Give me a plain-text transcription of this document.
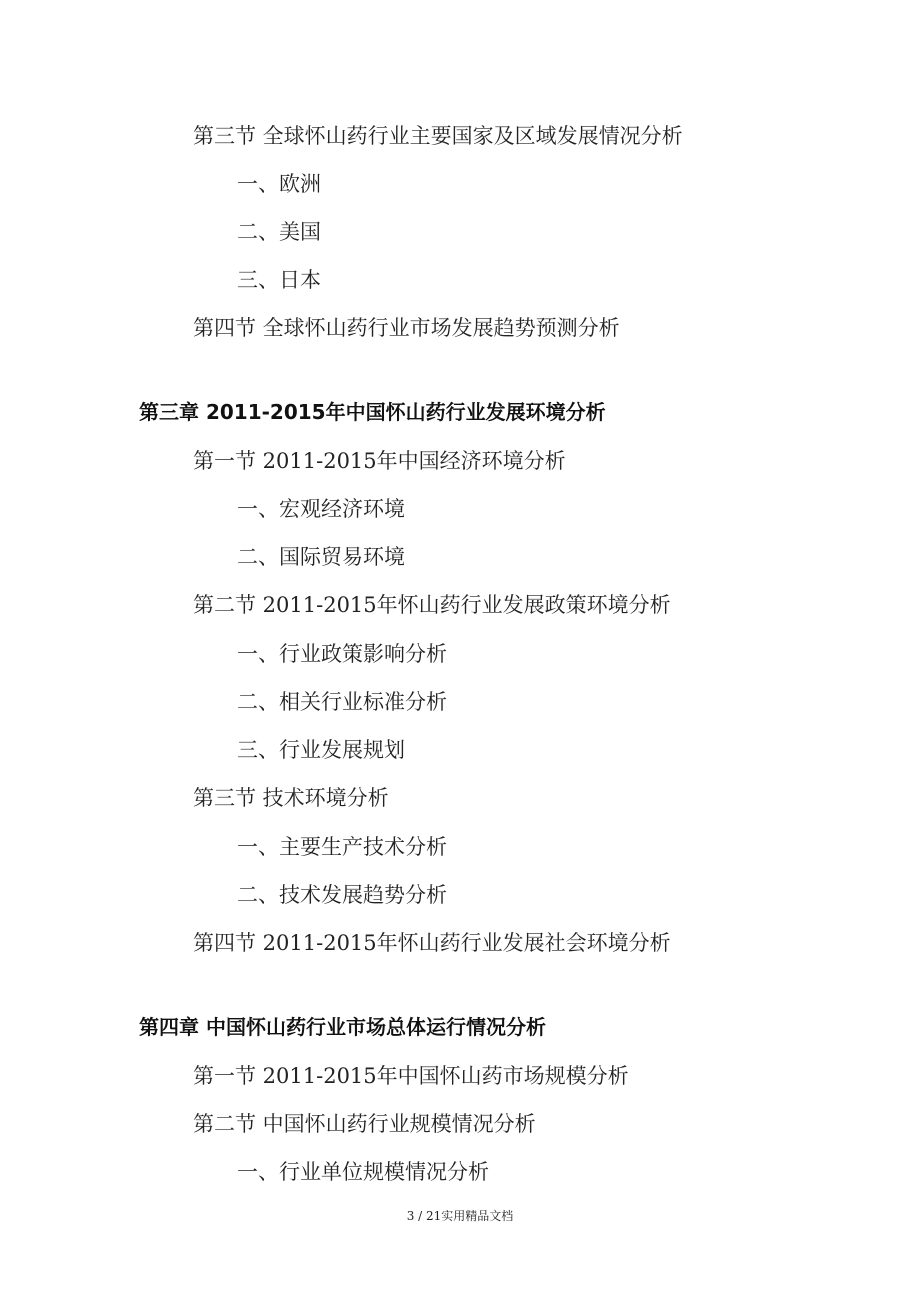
第三节 全球怀山药行业主要国家及区域发展情况分析
一、欧洲
二、美国
三、日本
第四节 全球怀山药行业市场发展趋势预测分析
第三章 2011-2015年中国怀山药行业发展环境分析
第一节 2011-2015年中国经济环境分析
一、宏观经济环境
二、国际贸易环境
第二节 2011-2015年怀山药行业发展政策环境分析
一、行业政策影响分析
二、相关行业标准分析
三、行业发展规划
第三节 技术环境分析
一、主要生产技术分析
二、技术发展趋势分析
第四节 2011-2015年怀山药行业发展社会环境分析
第四章 中国怀山药行业市场总体运行情况分析
第一节 2011-2015年中国怀山药市场规模分析
第二节 中国怀山药行业规模情况分析
一、行业单位规模情况分析
3 / 21实用精品文档
